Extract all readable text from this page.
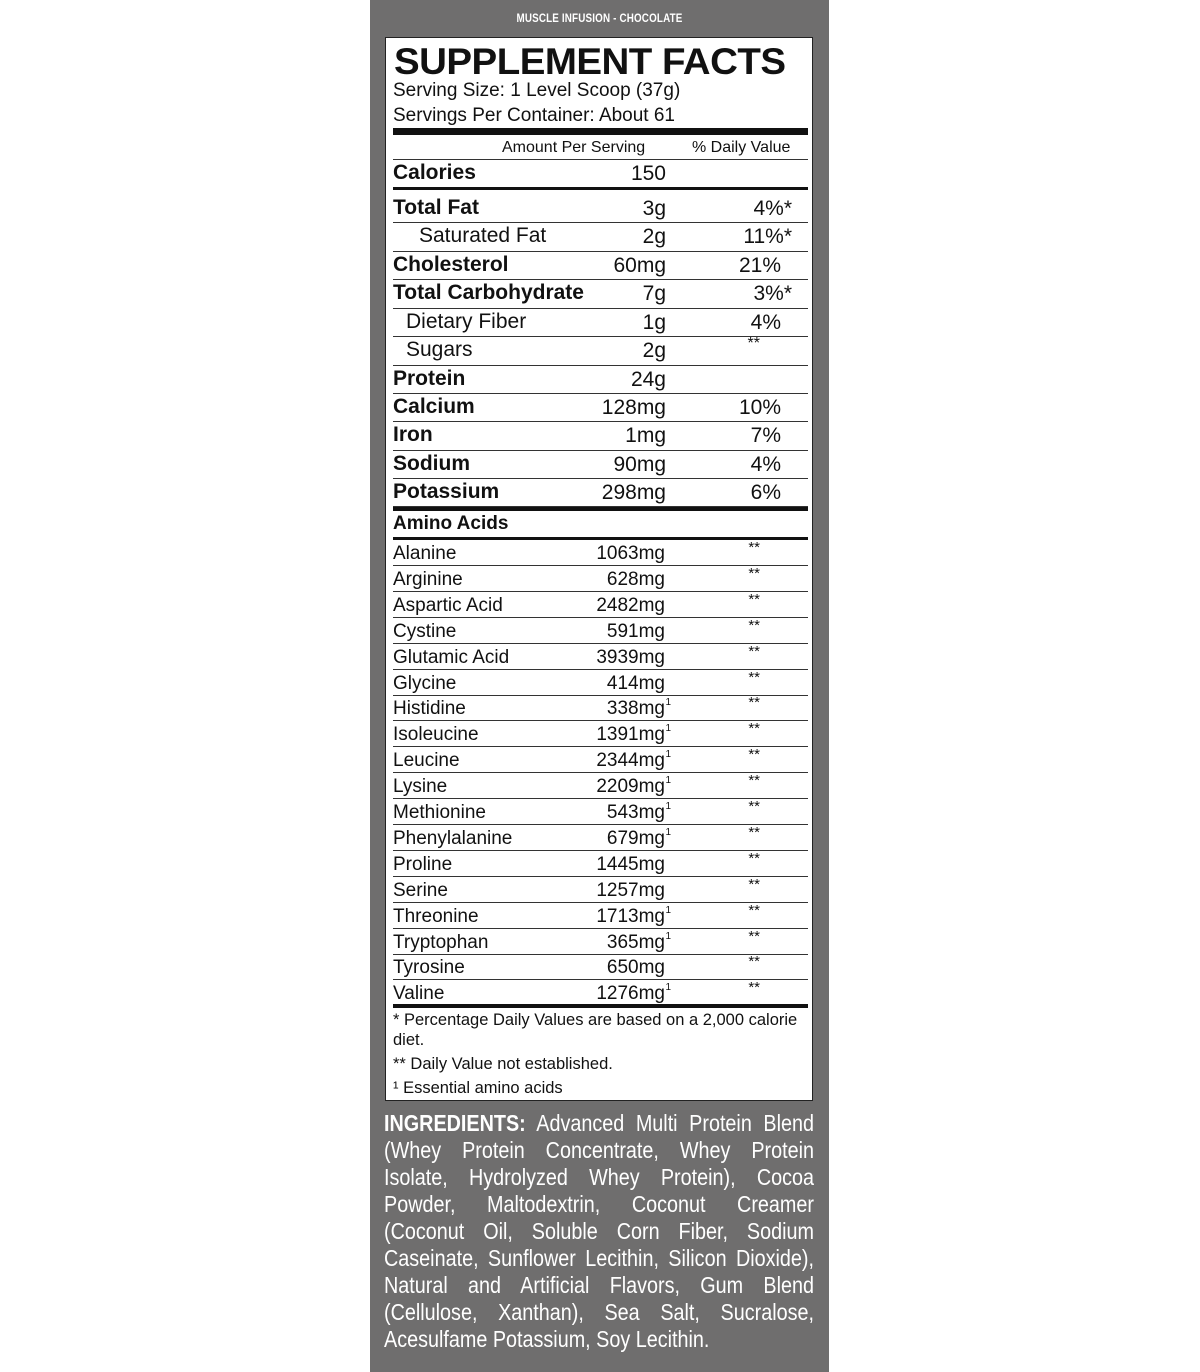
MUSCLE INFUSION - CHOCOLATE
SUPPLEMENT FACTS
Serving Size: 1 Level Scoop (37g)
Servings Per Container: About 61
Amount Per Serving	% Daily Value
Calories	150
Total Fat	3g	4%*
Saturated Fat	2g	11%*
Cholesterol	60mg	21%
Total Carbohydrate	7g	3%*
Dietary Fiber	1g	4%
Sugars	2g	**
Protein	24g
Calcium	128mg	10%
Iron	1mg	7%
Sodium	90mg	4%
Potassium	298mg	6%
Amino Acids
Alanine	1063mg	**
Arginine	628mg	**
Aspartic Acid	2482mg	**
Cystine	591mg	**
Glutamic Acid	3939mg	**
Glycine	414mg	**
Histidine	338mg 1	**
Isoleucine	1391mg 1	**
Leucine	2344mg 1	**
Lysine	2209mg 1	**
Methionine	543mg 1	**
Phenylalanine	679mg 1	**
Proline	1445mg	**
Serine	1257mg	**
Threonine	1713mg 1	**
Tryptophan	365mg 1	**
Tyrosine	650mg	**
Valine	1276mg 1	**
* Percentage Daily Values are based on a 2,000 calorie diet.
** Daily Value not established.
¹ Essential amino acids
INGREDIENTS: Advanced Multi Protein Blend (Whey Protein Concentrate, Whey Protein Isolate, Hydrolyzed Whey Protein), Cocoa Powder, Maltodextrin, Coconut Creamer (Coconut Oil, Soluble Corn Fiber, Sodium Caseinate, Sunflower Lecithin, Silicon Dioxide), Natural and Artificial Flavors, Gum Blend (Cellulose, Xanthan), Sea Salt, Sucralose, Acesulfame Potassium, Soy Lecithin.
